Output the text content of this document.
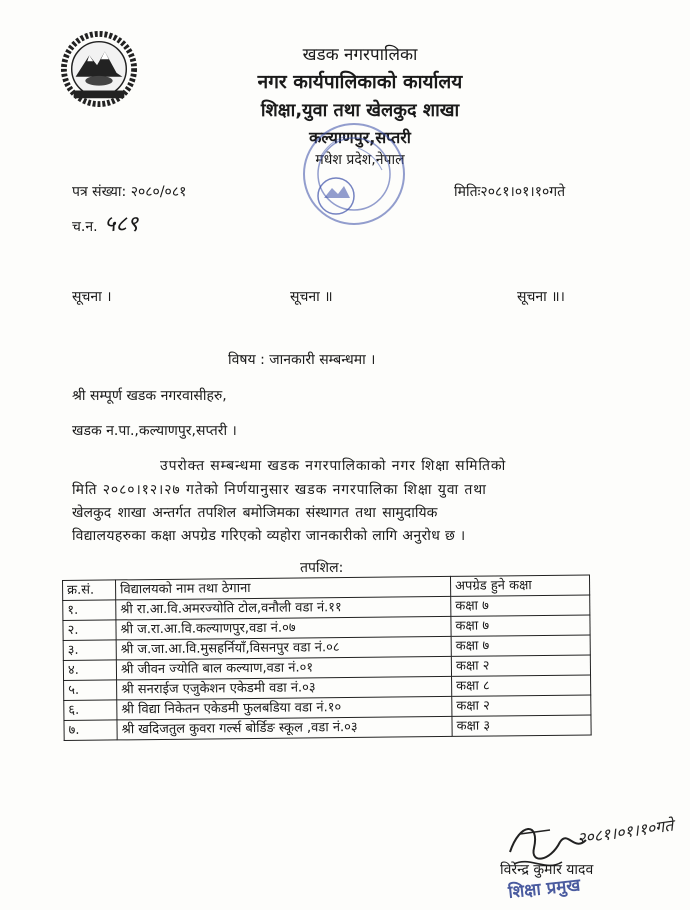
खडक नगरपालिका
नगर कार्यपालिकाको कार्यालय
शिक्षा,युवा तथा खेलकुद शाखा
कल्याणपुर,सप्तरी
मधेश प्रदेश,नेपाल
पत्र संख्या: २०८०/०८१
च.न. ५८९
मितिः२०८१।०१।१०गते
सूचना ।	सूचना ॥	सूचना ॥।
विषय : जानकारी सम्बन्धमा ।
श्री सम्पूर्ण खडक नगरवासीहरु,
खडक न.पा.,कल्याणपुर,सप्तरी ।
उपरोक्त सम्बन्धमा खडक नगरपालिकाको नगर शिक्षा समितिको
मिति २०८०।१२।२७ गतेको निर्णयानुसार खडक नगरपालिका शिक्षा युवा तथा
खेलकुद शाखा अन्तर्गत तपशिल बमोजिमका संस्थागत तथा सामुदायिक
विद्यालयहरुका कक्षा अपग्रेड गरिएको व्यहोरा जानकारीको लागि अनुरोध छ ।
तपशिल:
क्र.सं.	विद्यालयको नाम तथा ठेगाना	अपग्रेड हुने कक्षा
१.	श्री रा.आ.वि.अमरज्योति टोल,वनौली वडा नं.११	कक्षा ७
२.	श्री ज.रा.आ.वि.कल्याणपुर,वडा नं.०७	कक्षा ७
३.	श्री ज.जा.आ.वि.मुसहर्नियाँ,विसनपुर वडा नं.०८	कक्षा ७
४.	श्री जीवन ज्योति बाल कल्याण,वडा नं.०१	कक्षा २
५.	श्री सनराईज एजुकेशन एकेडमी वडा नं.०३	कक्षा ८
६.	श्री विद्या निकेतन एकेडमी फुलबडिया वडा नं.१०	कक्षा २
७.	श्री खदिजतुल कुवरा गर्ल्स बोर्डिङ स्कूल ,वडा नं.०३	कक्षा ३
२०८१।०१।१०गते
विरेन्द्र कुमार यादव
शिक्षा प्रमुख
